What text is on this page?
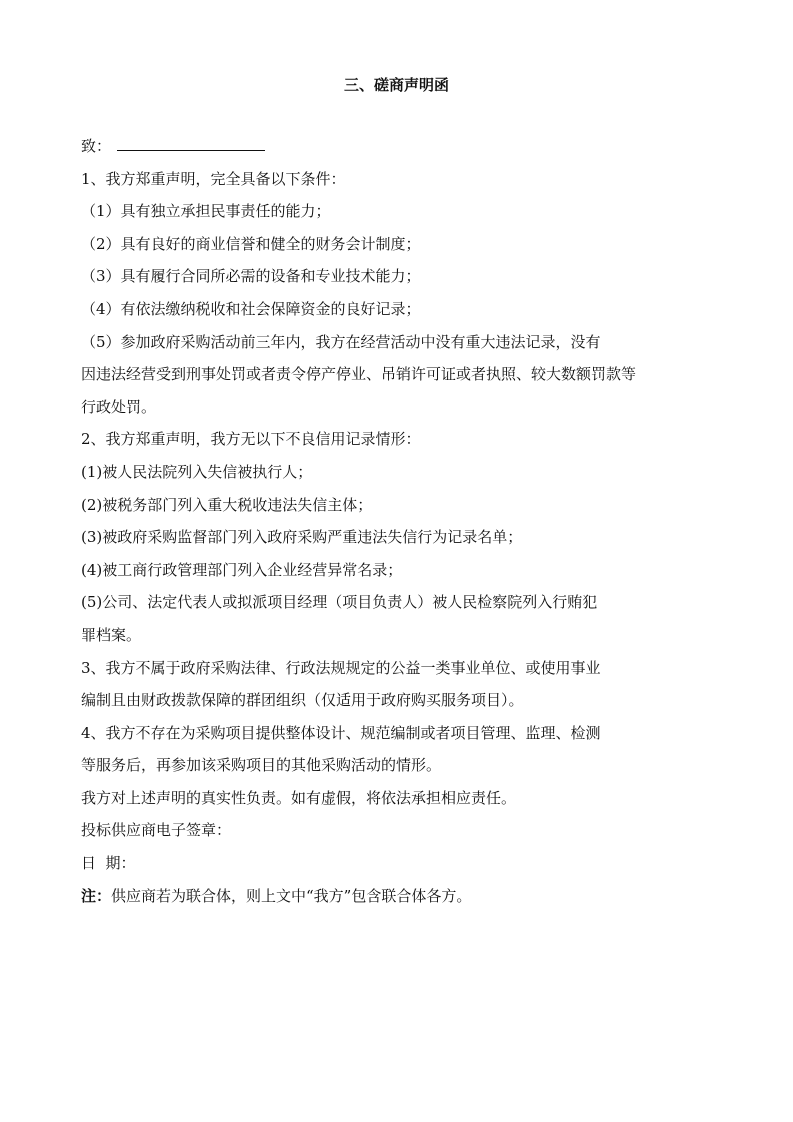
三、磋商声明函
致：
1、我方郑重声明，完全具备以下条件：
（1）具有独立承担民事责任的能力；
（2）具有良好的商业信誉和健全的财务会计制度；
（3）具有履行合同所必需的设备和专业技术能力；
（4）有依法缴纳税收和社会保障资金的良好记录；
（5）参加政府采购活动前三年内，我方在经营活动中没有重大违法记录，没有
因违法经营受到刑事处罚或者责令停产停业、吊销许可证或者执照、较大数额罚款等
行政处罚。
2、我方郑重声明，我方无以下不良信用记录情形：
(1)被人民法院列入失信被执行人；
(2)被税务部门列入重大税收违法失信主体；
(3)被政府采购监督部门列入政府采购严重违法失信行为记录名单；
(4)被工商行政管理部门列入企业经营异常名录；
(5)公司、法定代表人或拟派项目经理（项目负责人）被人民检察院列入行贿犯
罪档案。
3、我方不属于政府采购法律、行政法规规定的公益一类事业单位、或使用事业
编制且由财政拨款保障的群团组织（仅适用于政府购买服务项目）。
4、我方不存在为采购项目提供整体设计、规范编制或者项目管理、监理、检测
等服务后，再参加该采购项目的其他采购活动的情形。
我方对上述声明的真实性负责。如有虚假，将依法承担相应责任。
投标供应商电子签章：
日  期：
注：供应商若为联合体，则上文中“我方”包含联合体各方。
